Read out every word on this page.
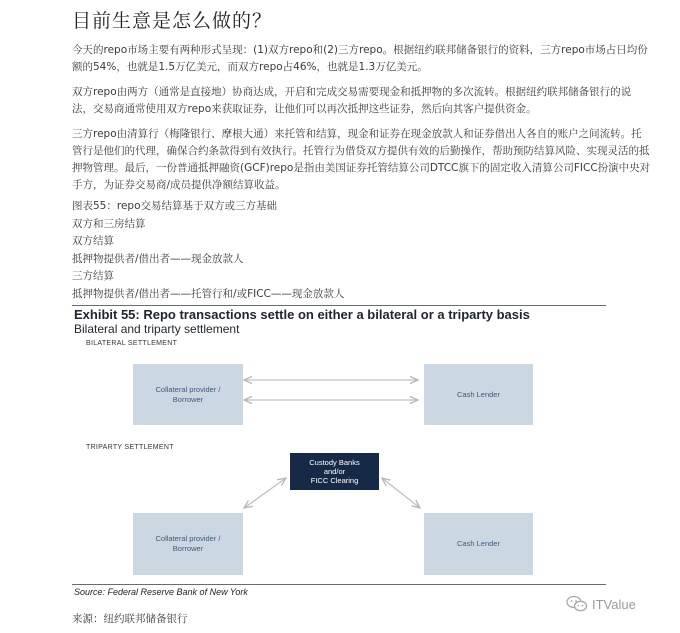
目前生意是怎么做的？

今天的repo市场主要有两种形式呈现：(1)双方repo和(2)三方repo。根据纽约联邦储备银行的资料，三方repo市场占日均份额的54%，也就是1.5万亿美元，而双方repo占46%，也就是1.3万亿美元。

双方repo由两方（通常是直接地）协商达成，开启和完成交易需要现金和抵押物的多次流转。根据纽约联邦储备银行的说法，交易商通常使用双方repo来获取证券，让他们可以再次抵押这些证券，然后向其客户提供资金。

三方repo由清算行（梅隆银行、摩根大通）来托管和结算，现金和证券在现金放款人和证券借出人各自的账户之间流转。托管行是他们的代理，确保合约条款得到有效执行。托管行为借贷双方提供有效的后勤操作，帮助预防结算风险、实现灵活的抵押物管理。最后，一份普通抵押融资(GCF)repo是指由美国证券托管结算公司DTCC旗下的固定收入清算公司FICC扮演中央对手方，为证券交易商/成员提供净额结算收益。

图表55：repo交易结算基于双方或三方基础
双方和三房结算
双方结算
抵押物提供者/借出者——现金放款人
三方结算
抵押物提供者/借出者——托管行和/或FICC——现金放款人
Exhibit 55: Repo transactions settle on either a bilateral or a triparty basis
Bilateral and triparty settlement
BILATERAL SETTLEMENT
TRIPARTY SETTLEMENT
Collateral provider /
Borrower
Cash Lender
Custody Banks
and/or
FICC Clearing
Collateral provider /
Borrower
Cash Lender
Source: Federal Reserve Bank of New York
来源：纽约联邦储备银行
ITValue
